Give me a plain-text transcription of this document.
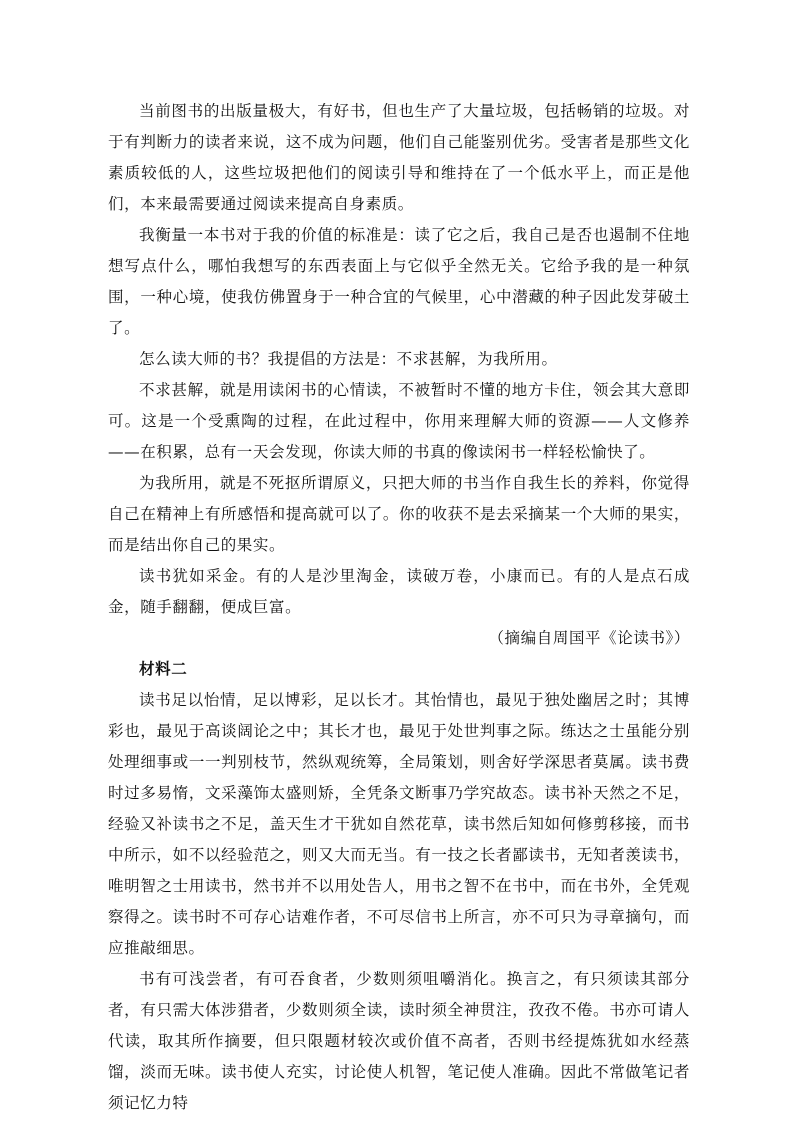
当前图书的出版量极大，有好书，但也生产了大量垃圾，包括畅销的垃圾。对于有判断力的读者来说，这不成为问题，他们自己能鉴别优劣。受害者是那些文化素质较低的人，这些垃圾把他们的阅读引导和维持在了一个低水平上，而正是他们，本来最需要通过阅读来提高自身素质。

我衡量一本书对于我的价值的标准是：读了它之后，我自己是否也遏制不住地想写点什么，哪怕我想写的东西表面上与它似乎全然无关。它给予我的是一种氛围，一种心境，使我仿佛置身于一种合宜的气候里，心中潜藏的种子因此发芽破土了。

怎么读大师的书？我提倡的方法是：不求甚解，为我所用。

不求甚解，就是用读闲书的心情读，不被暂时不懂的地方卡住，领会其大意即可。这是一个受熏陶的过程，在此过程中，你用来理解大师的资源——人文修养——在积累，总有一天会发现，你读大师的书真的像读闲书一样轻松愉快了。

为我所用，就是不死抠所谓原义，只把大师的书当作自我生长的养料，你觉得自己在精神上有所感悟和提高就可以了。你的收获不是去采摘某一个大师的果实，而是结出你自己的果实。

读书犹如采金。有的人是沙里淘金，读破万卷，小康而已。有的人是点石成金，随手翻翻，便成巨富。

（摘编自周国平《论读书》）

材料二

读书足以怡情，足以博彩，足以长才。其怡情也，最见于独处幽居之时；其博彩也，最见于高谈阔论之中；其长才也，最见于处世判事之际。练达之士虽能分别处理细事或一一判别枝节，然纵观统筹，全局策划，则舍好学深思者莫属。读书费时过多易惰，文采藻饰太盛则矫，全凭条文断事乃学究故态。读书补天然之不足，经验又补读书之不足，盖天生才干犹如自然花草，读书然后知如何修剪移接，而书中所示，如不以经验范之，则又大而无当。有一技之长者鄙读书，无知者羡读书，唯明智之士用读书，然书并不以用处告人，用书之智不在书中，而在书外，全凭观察得之。读书时不可存心诘难作者，不可尽信书上所言，亦不可只为寻章摘句，而应推敲细思。

书有可浅尝者，有可吞食者，少数则须咀嚼消化。换言之，有只须读其部分者，有只需大体涉猎者，少数则须全读，读时须全神贯注，孜孜不倦。书亦可请人代读，取其所作摘要，但只限题材较次或价值不高者，否则书经提炼犹如水经蒸馏，淡而无味。读书使人充实，讨论使人机智，笔记使人准确。因此不常做笔记者须记忆力特
